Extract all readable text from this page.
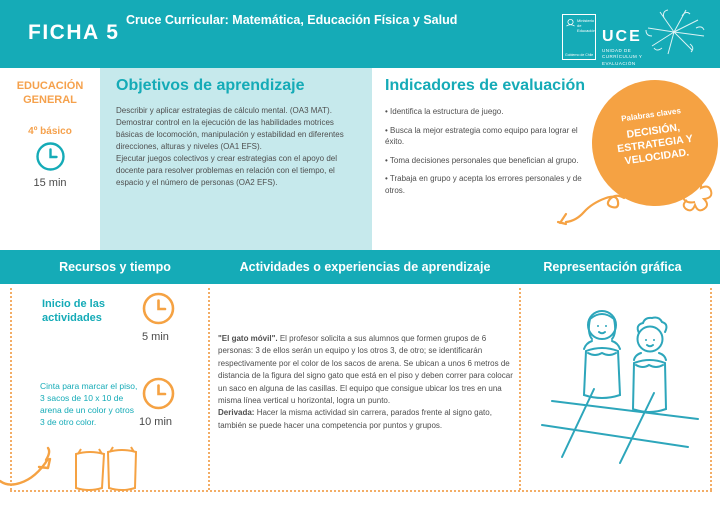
FICHA 5
Cruce Curricular: Matemática, Educación Física y Salud	Ministerio de Educación
Gobierno de Chile
UCE
UNIDAD DE
CURRÍCULUM Y
EVALUACIÓN
EDUCACIÓN GENERAL
4º básico
15 min
Objetivos de aprendizaje

Describir y aplicar estrategias de cálculo mental. (OA3 MAT).

Demostrar control en la ejecución de las habilidades motrices básicas de locomoción, manipulación y estabilidad en diferentes direcciones, alturas y niveles (OA1 EFS).

Ejecutar juegos colectivos y crear estrategias con el apoyo del docente para resolver problemas en relación con el tiempo, el espacio y el número de personas (OA2 EFS).

Indicadores de evaluación
• Identifica la estructura de juego.
• Busca la mejor estrategia como equipo para lograr el éxito.
• Toma decisiones personales que benefician al grupo.
• Trabaja en grupo y acepta los errores personales y de otros.
Palabras claves
DECISIÓN, ESTRATEGIA Y VELOCIDAD.
Recursos y tiempo	Actividades o experiencias de aprendizaje	Representación gráfica
Inicio de las actividades
5 min
Cinta para marcar el piso, 3 sacos de 10 x 10 de arena de un color y otros 3 de otro color.	10 min

"El gato móvil". El profesor solicita a sus alumnos que formen grupos de 6 personas: 3 de ellos serán un equipo y los otros 3, de otro; se identificarán respectivamente por el color de los sacos de arena. Se ubican a unos 6 metros de distancia de la figura del signo gato que está en el piso y deben correr para colocar un saco en alguna de las casillas. El equipo que consigue ubicar los tres en una misma línea vertical u horizontal, logra un punto.

Derivada: Hacer la misma actividad sin carrera, parados frente al signo gato, también se puede hacer una competencia por puntos y grupos.
